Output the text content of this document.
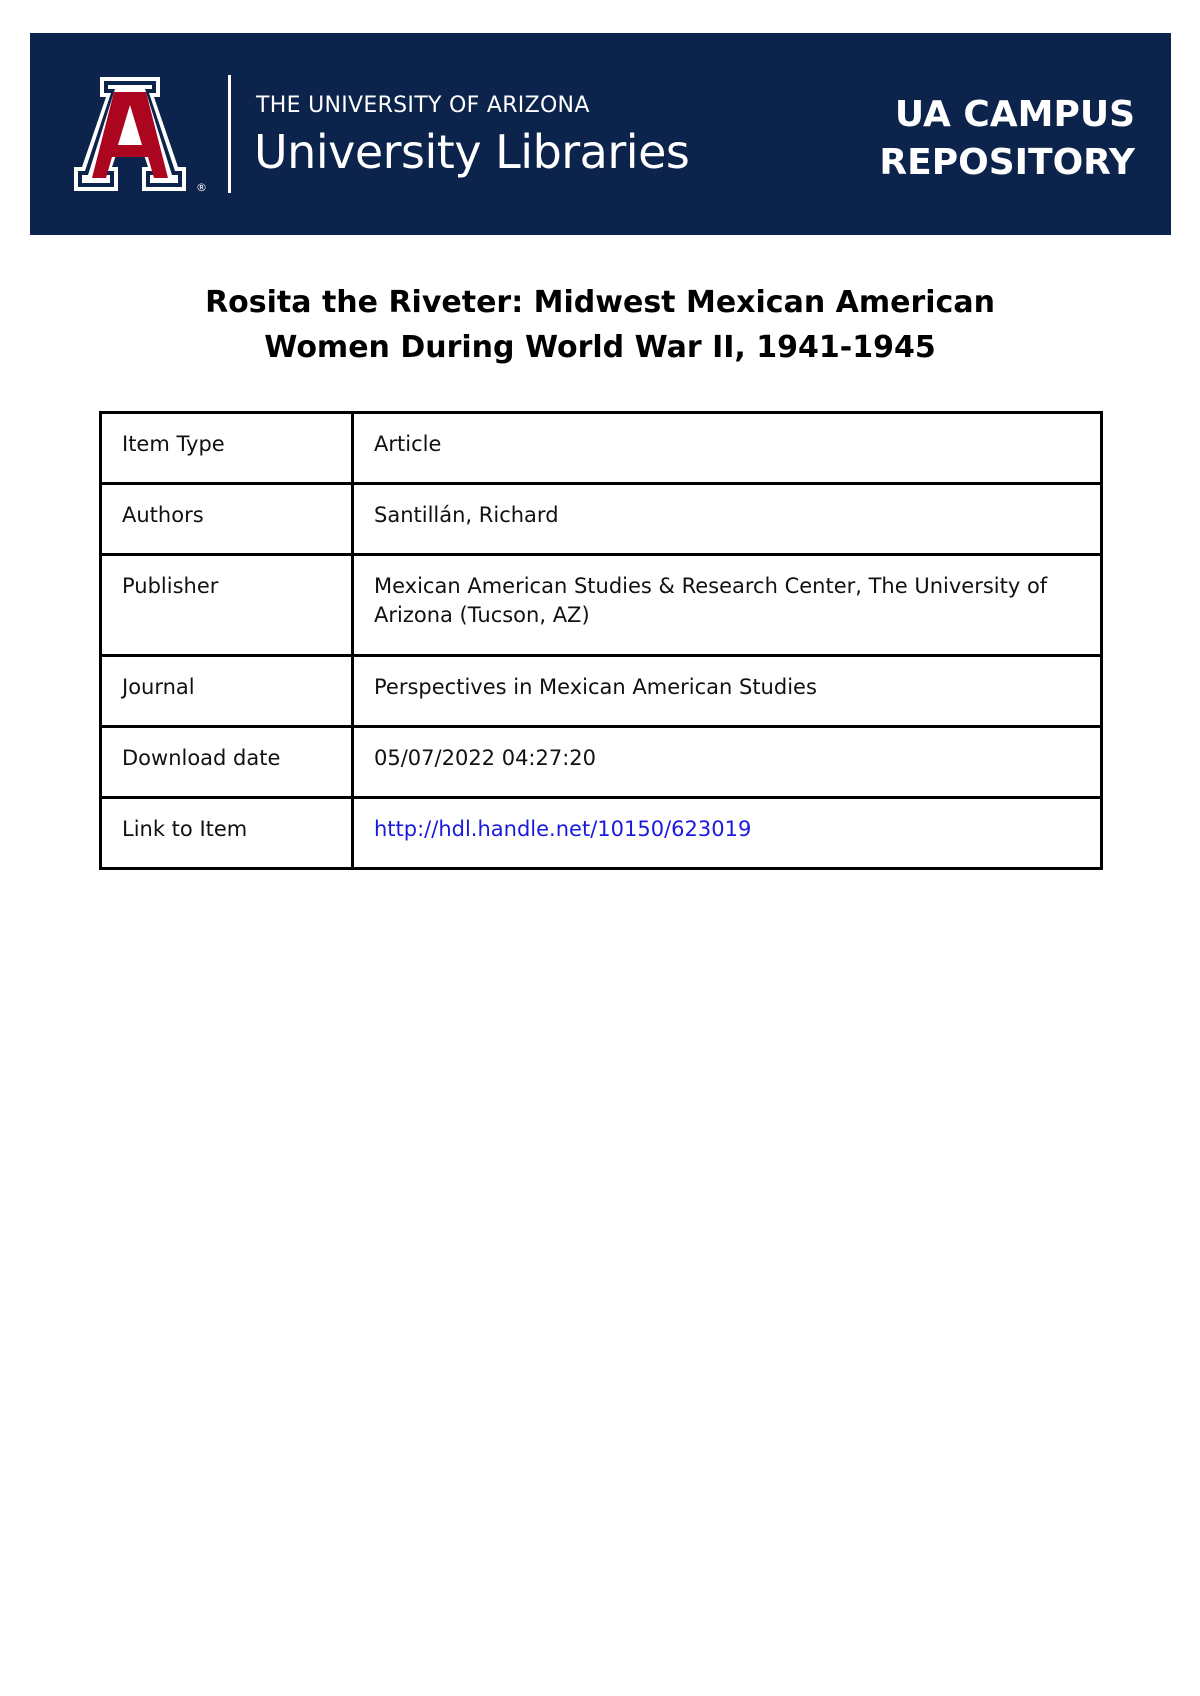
®
THE UNIVERSITY OF ARIZONA
University Libraries
UA CAMPUS
REPOSITORY
Rosita the Riveter: Midwest Mexican American
Women During World War II, 1941-1945
Item Type	Article
Authors	Santillán, Richard
Publisher	Mexican American Studies & Research Center, The University of Arizona (Tucson, AZ)
Journal	Perspectives in Mexican American Studies
Download date	05/07/2022 04:27:20
Link to Item	http://hdl.handle.net/10150/623019
